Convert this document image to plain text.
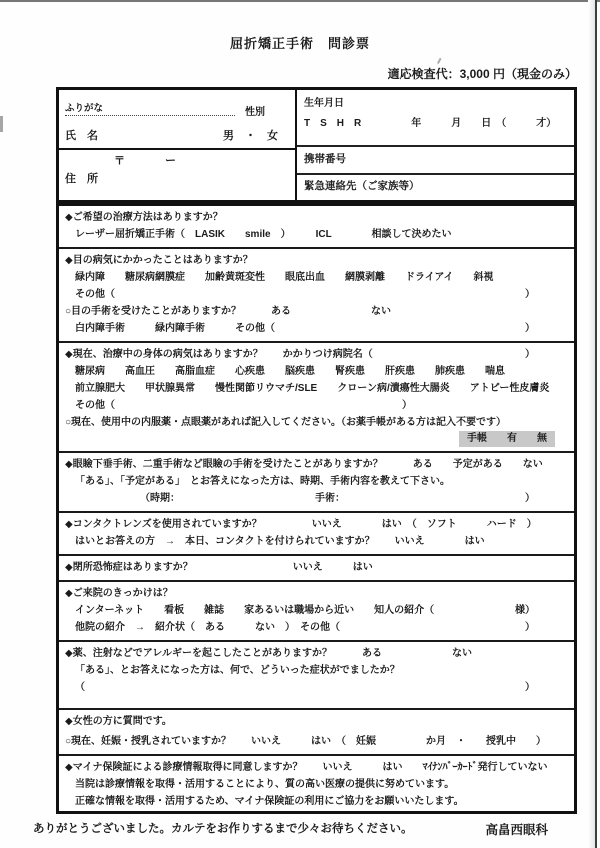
屈折矯正手術　問診票
適応検査代：3,000 円（現金のみ）
ふりがな	性別
氏　名	男　・　女
〒	ー
住　所
生年月日
T　S　H　R　　　　　年　　　月　　日　（　　　才）
携帯番号
緊急連絡先（ご家族等）
◆ご希望の治療方法はありますか？
レーザー屈折矯正手術（　LASIK　　smile　）　　　ICL　　　　相談して決めたい
◆目の病気にかかったことはありますか？
緑内障　　糖尿病網膜症　　加齢黄斑変性　　眼底出血　　網膜剥離　　ドライアイ　　斜視
その他（	）
○目の手術を受けたことがありますか？　　　ある　　　　　　　　ない
白内障手術　　　緑内障手術　　　その他（	）
◆現在、治療中の身体の病気はありますか？　　かかりつけ病院名（	）
糖尿病　　高血圧　　高脂血症　　心疾患　　脳疾患　　腎疾患　　肝疾患　　肺疾患　　喘息
前立腺肥大　　甲状腺異常　　慢性関節リウマチ/SLE　　クローン病/潰瘍性大腸炎　　アトピー性皮膚炎
その他（	）
○現在、使用中の内服薬・点眼薬があれば記入してください。（お薬手帳がある方は記入不要です）
手帳　　有　　無
◆眼瞼下垂手術、二重手術など眼瞼の手術を受けたことがありますか？　　　ある　　予定がある　　ない
「ある」、「予定がある」　とお答えになった方は、時期、手術内容を教えて下さい。
　　　　　　　　（時期：　　　　　　　　　　　　　　手術：	）
◆コンタクトレンズを使用されていますか？　　　　　いいえ　　　　はい　（　ソフト　　　ハード　）
はいとお答えの方　→　本日、コンタクトを付けられていますか？　　いいえ　　　　はい
◆閉所恐怖症はありますか？　　　　　　　　　　いいえ　　　はい
◆ご来院のきっかけは？
インターネット　　看板　　雑誌　　家あるいは職場から近い　　知人の紹介（	様）
他院の紹介　→　紹介状（　ある　　　ない　）　その他（	）
◆薬、注射などでアレルギーを起こしたことがありますか？　　　ある　　　　　　　ない
「ある」、とお答えになった方は、何で、どういった症状がでましたか？
（	）
◆女性の方に質問です。
○現在、妊娠・授乳されていますか？　　いいえ　　　はい　（　妊娠　　　　　か月　・　　授乳中　　）
◆マイナ保険証による診療情報取得に同意しますか？　　いいえ　　　はい　　ﾏｲﾅﾝﾊﾞｰｶｰﾄﾞ発行していない
当院は診療情報を取得・活用することにより、質の高い医療の提供に努めています。
正確な情報を取得・活用するため、マイナ保険証の利用にご協力をお願いいたします。
ありがとうございました。カルテをお作りするまで少々お待ちください。	高畠西眼科
